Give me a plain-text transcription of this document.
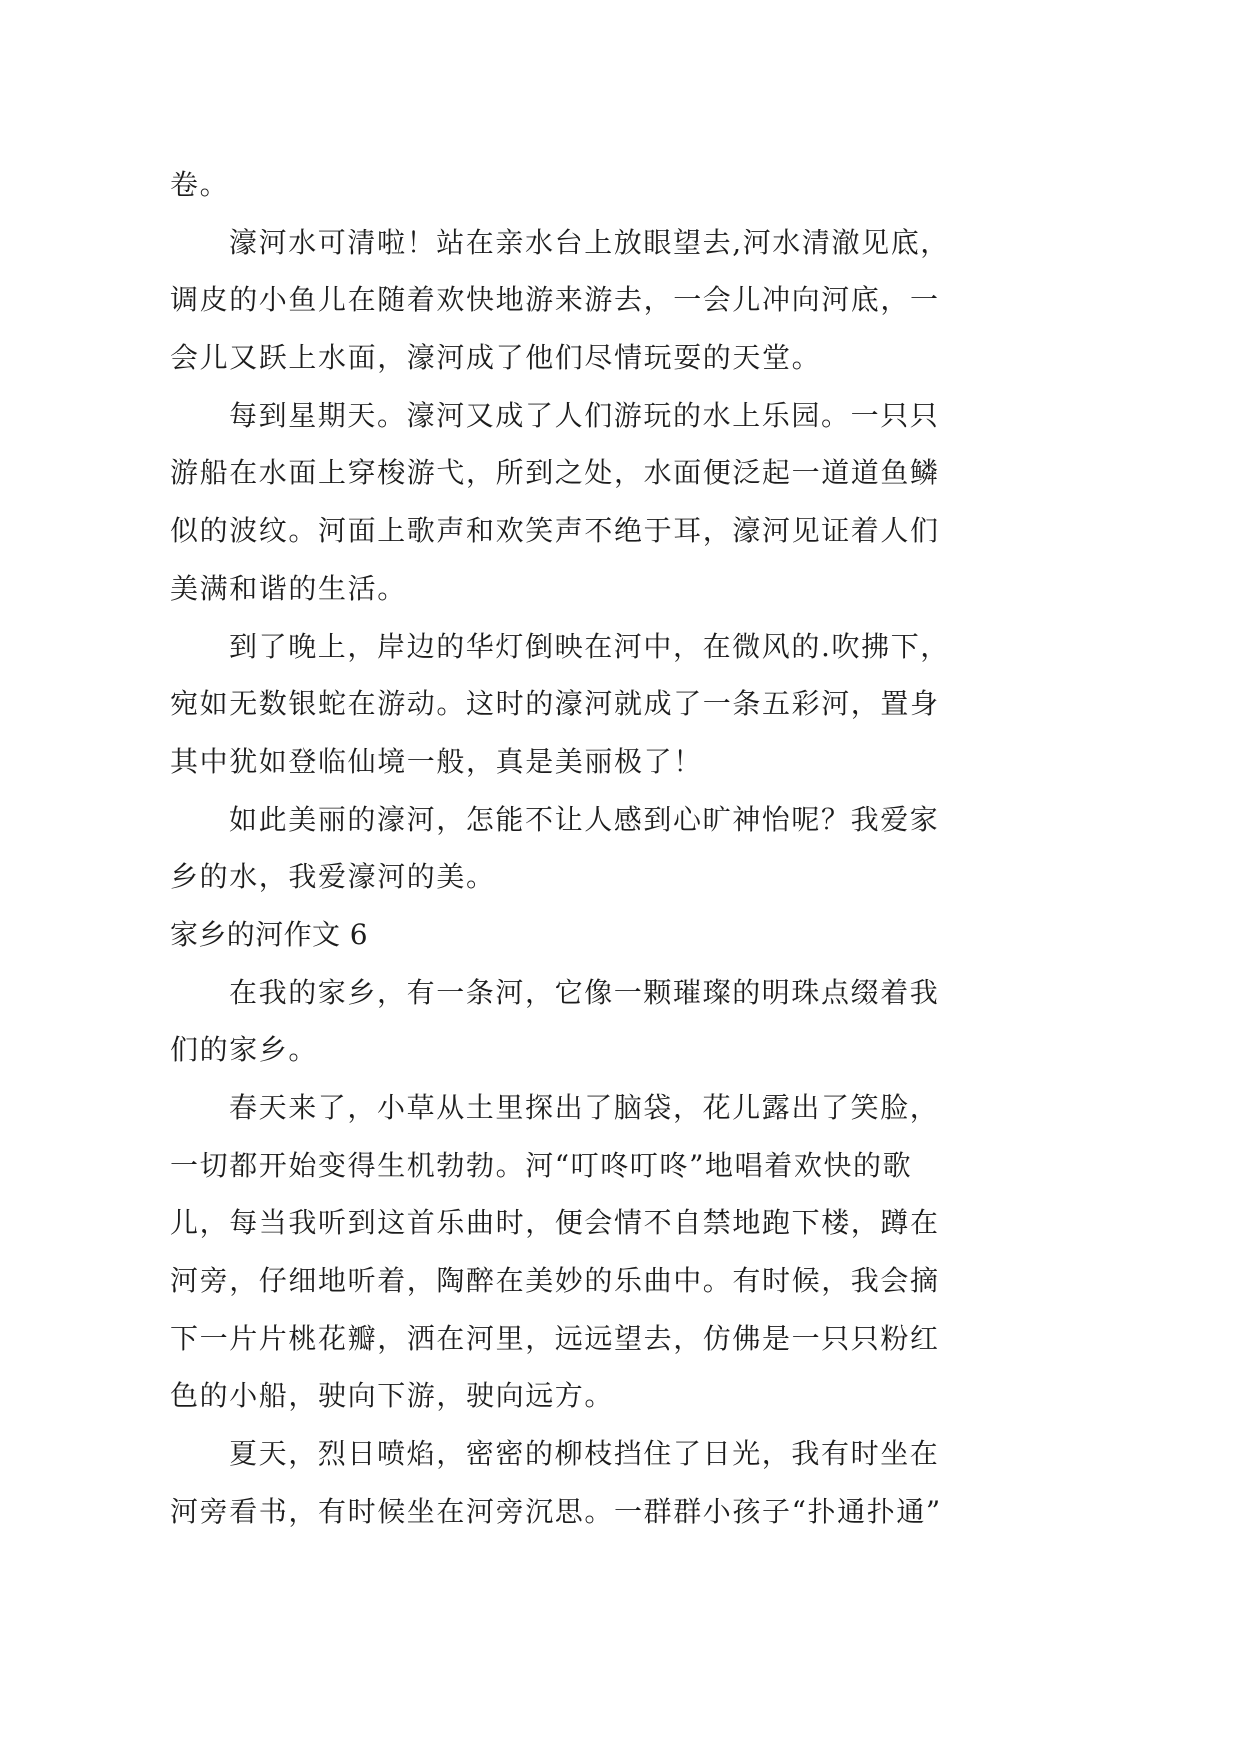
卷。
濠河水可清啦！站在亲水台上放眼望去,河水清澈见底，
调皮的小鱼儿在随着欢快地游来游去，一会儿冲向河底，一
会儿又跃上水面，濠河成了他们尽情玩耍的天堂。
每到星期天。濠河又成了人们游玩的水上乐园。一只只
游船在水面上穿梭游弋，所到之处，水面便泛起一道道鱼鳞
似的波纹。河面上歌声和欢笑声不绝于耳，濠河见证着人们
美满和谐的生活。
到了晚上，岸边的华灯倒映在河中，在微风的.吹拂下，
宛如无数银蛇在游动。这时的濠河就成了一条五彩河，置身
其中犹如登临仙境一般，真是美丽极了！
如此美丽的濠河，怎能不让人感到心旷神怡呢？我爱家
乡的水，我爱濠河的美。
家乡的河作文 6
在我的家乡，有一条河，它像一颗璀璨的明珠点缀着我
们的家乡。
春天来了，小草从土里探出了脑袋，花儿露出了笑脸，
一切都开始变得生机勃勃。河“叮咚叮咚”地唱着欢快的歌
儿，每当我听到这首乐曲时，便会情不自禁地跑下楼，蹲在
河旁，仔细地听着，陶醉在美妙的乐曲中。有时候，我会摘
下一片片桃花瓣，洒在河里，远远望去，仿佛是一只只粉红
色的小船，驶向下游，驶向远方。
夏天，烈日喷焰，密密的柳枝挡住了日光，我有时坐在
河旁看书，有时候坐在河旁沉思。一群群小孩子“扑通扑通”
